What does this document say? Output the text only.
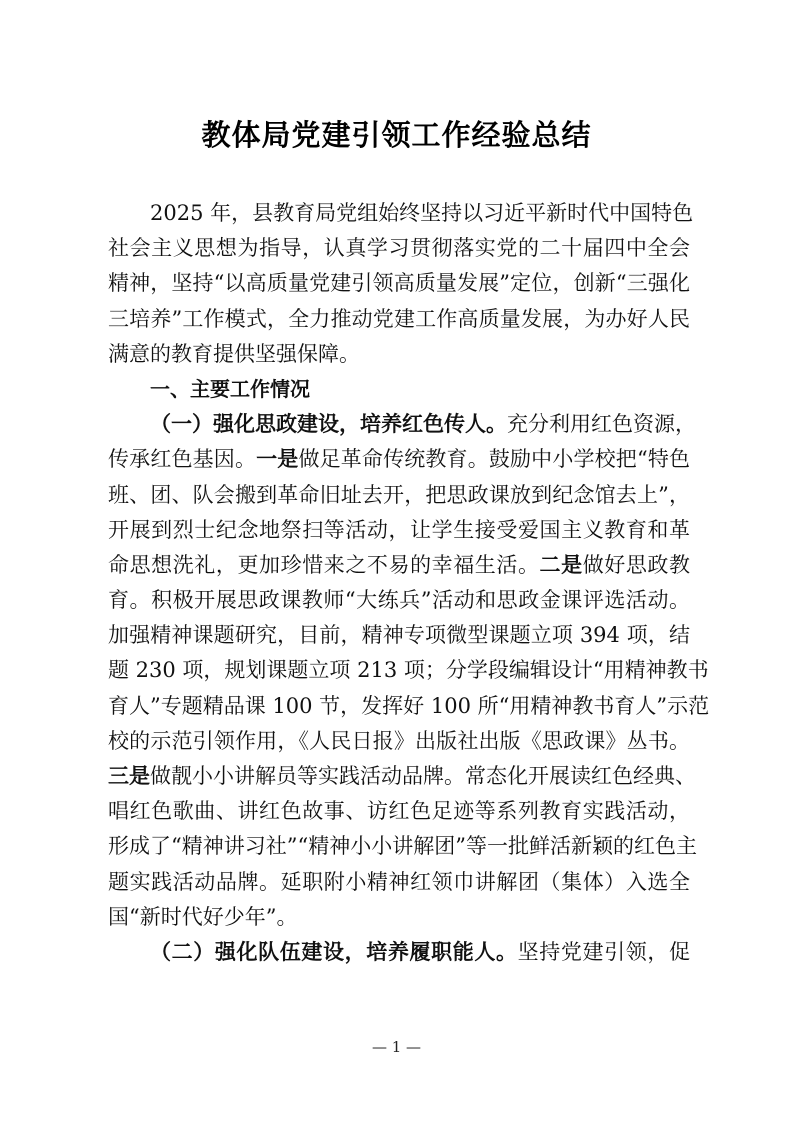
教体局党建引领工作经验总结
2025 年，县教育局党组始终坚持以习近平新时代中国特色
社会主义思想为指导，认真学习贯彻落实党的二十届四中全会
精神，坚持“以高质量党建引领高质量发展”定位，创新“三强化
三培养”工作模式，全力推动党建工作高质量发展，为办好人民
满意的教育提供坚强保障。
一、主要工作情况
（一）强化思政建设，培养红色传人。充分利用红色资源，
传承红色基因。一是做足革命传统教育。鼓励中小学校把“特色
班、团、队会搬到革命旧址去开，把思政课放到纪念馆去上”，
开展到烈士纪念地祭扫等活动，让学生接受爱国主义教育和革
命思想洗礼，更加珍惜来之不易的幸福生活。二是做好思政教
育。积极开展思政课教师“大练兵”活动和思政金课评选活动。
加强精神课题研究，目前，精神专项微型课题立项 394 项，结
题 230 项，规划课题立项 213 项；分学段编辑设计“用精神教书
育人”专题精品课 100 节，发挥好 100 所“用精神教书育人”示范
校的示范引领作用，《人民日报》出版社出版《思政课》丛书。
三是做靓小小讲解员等实践活动品牌。常态化开展读红色经典、
唱红色歌曲、讲红色故事、访红色足迹等系列教育实践活动，
形成了“精神讲习社”“精神小小讲解团”等一批鲜活新颖的红色主
题实践活动品牌。延职附小精神红领巾讲解团（集体）入选全
国“新时代好少年”。
（二）强化队伍建设，培养履职能人。坚持党建引领，促
— 1 —
